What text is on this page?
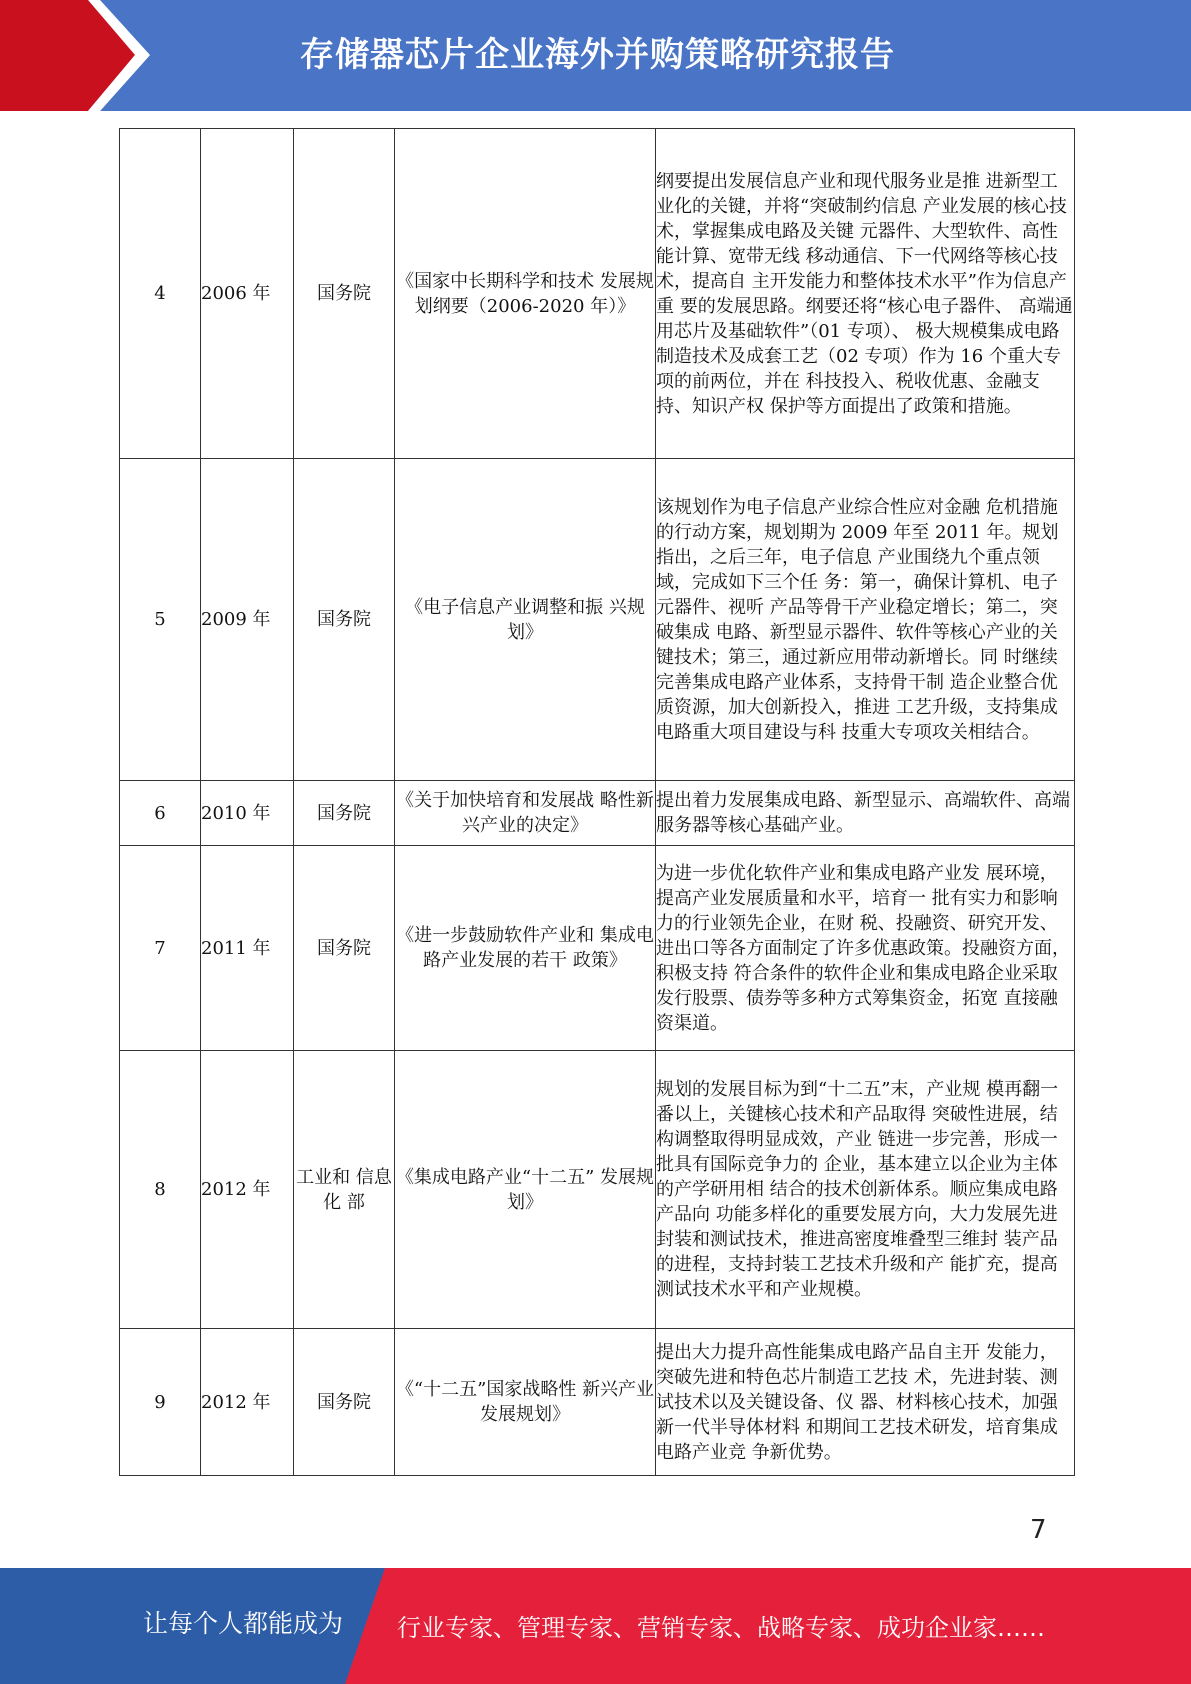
存储器芯片企业海外并购策略研究报告
4	2006 年	国务院	《国家中长期科学和技术 发展规划纲要（2006-2020 年）》	纲要提出发展信息产业和现代服务业是推 进新型工业化的关键，并将“突破制约信息 产业发展的核心技术，掌握集成电路及关键 元器件、大型软件、高性能计算、宽带无线 移动通信、下一代网络等核心技术，提高自 主开发能力和整体技术水平”作为信息产重 要的发展思路。纲要还将“核心电子器件、 高端通用芯片及基础软件”（01 专项）、 极大规模集成电路制造技术及成套工艺（02 专项）作为 16 个重大专项的前两位，并在 科技投入、税收优惠、金融支持、知识产权 保护等方面提出了政策和措施。
5	2009 年	国务院	《电子信息产业调整和振 兴规划》	该规划作为电子信息产业综合性应对金融 危机措施的行动方案，规划期为 2009 年至 2011 年。规划指出，之后三年，电子信息 产业围绕九个重点领域，完成如下三个任 务：第一，确保计算机、电子元器件、视听 产品等骨干产业稳定增长；第二，突破集成 电路、新型显示器件、软件等核心产业的关 键技术；第三，通过新应用带动新增长。同 时继续完善集成电路产业体系，支持骨干制 造企业整合优质资源，加大创新投入，推进 工艺升级，支持集成电路重大项目建设与科 技重大专项攻关相结合。
6	2010 年	国务院	《关于加快培育和发展战 略性新兴产业的决定》	提出着力发展集成电路、新型显示、高端软件、高端服务器等核心基础产业。
7	2011 年	国务院	《进一步鼓励软件产业和 集成电路产业发展的若干 政策》	为进一步优化软件产业和集成电路产业发 展环境，提高产业发展质量和水平，培育一 批有实力和影响力的行业领先企业，在财 税、投融资、研究开发、进出口等各方面制定了许多优惠政策。投融资方面，积极支持 符合条件的软件企业和集成电路企业采取 发行股票、债券等多种方式筹集资金，拓宽 直接融资渠道。
8	2012 年	工业和 信息化 部	《集成电路产业“十二五” 发展规划》	规划的发展目标为到“十二五”末，产业规 模再翻一番以上，关键核心技术和产品取得 突破性进展，结构调整取得明显成效，产业 链进一步完善，形成一批具有国际竞争力的 企业，基本建立以企业为主体的产学研用相 结合的技术创新体系。顺应集成电路产品向 功能多样化的重要发展方向，大力发展先进 封装和测试技术，推进高密度堆叠型三维封 装产品的进程，支持封装工艺技术升级和产 能扩充，提高测试技术水平和产业规模。
9	2012 年	国务院	《“十二五”国家战略性 新兴产业发展规划》	提出大力提升高性能集成电路产品自主开 发能力，突破先进和特色芯片制造工艺技 术，先进封装、测试技术以及关键设备、仪 器、材料核心技术，加强新一代半导体材料 和期间工艺技术研发，培育集成电路产业竞 争新优势。
7
让每个人都能成为 行业专家、管理专家、营销专家、战略专家、成功企业家……
